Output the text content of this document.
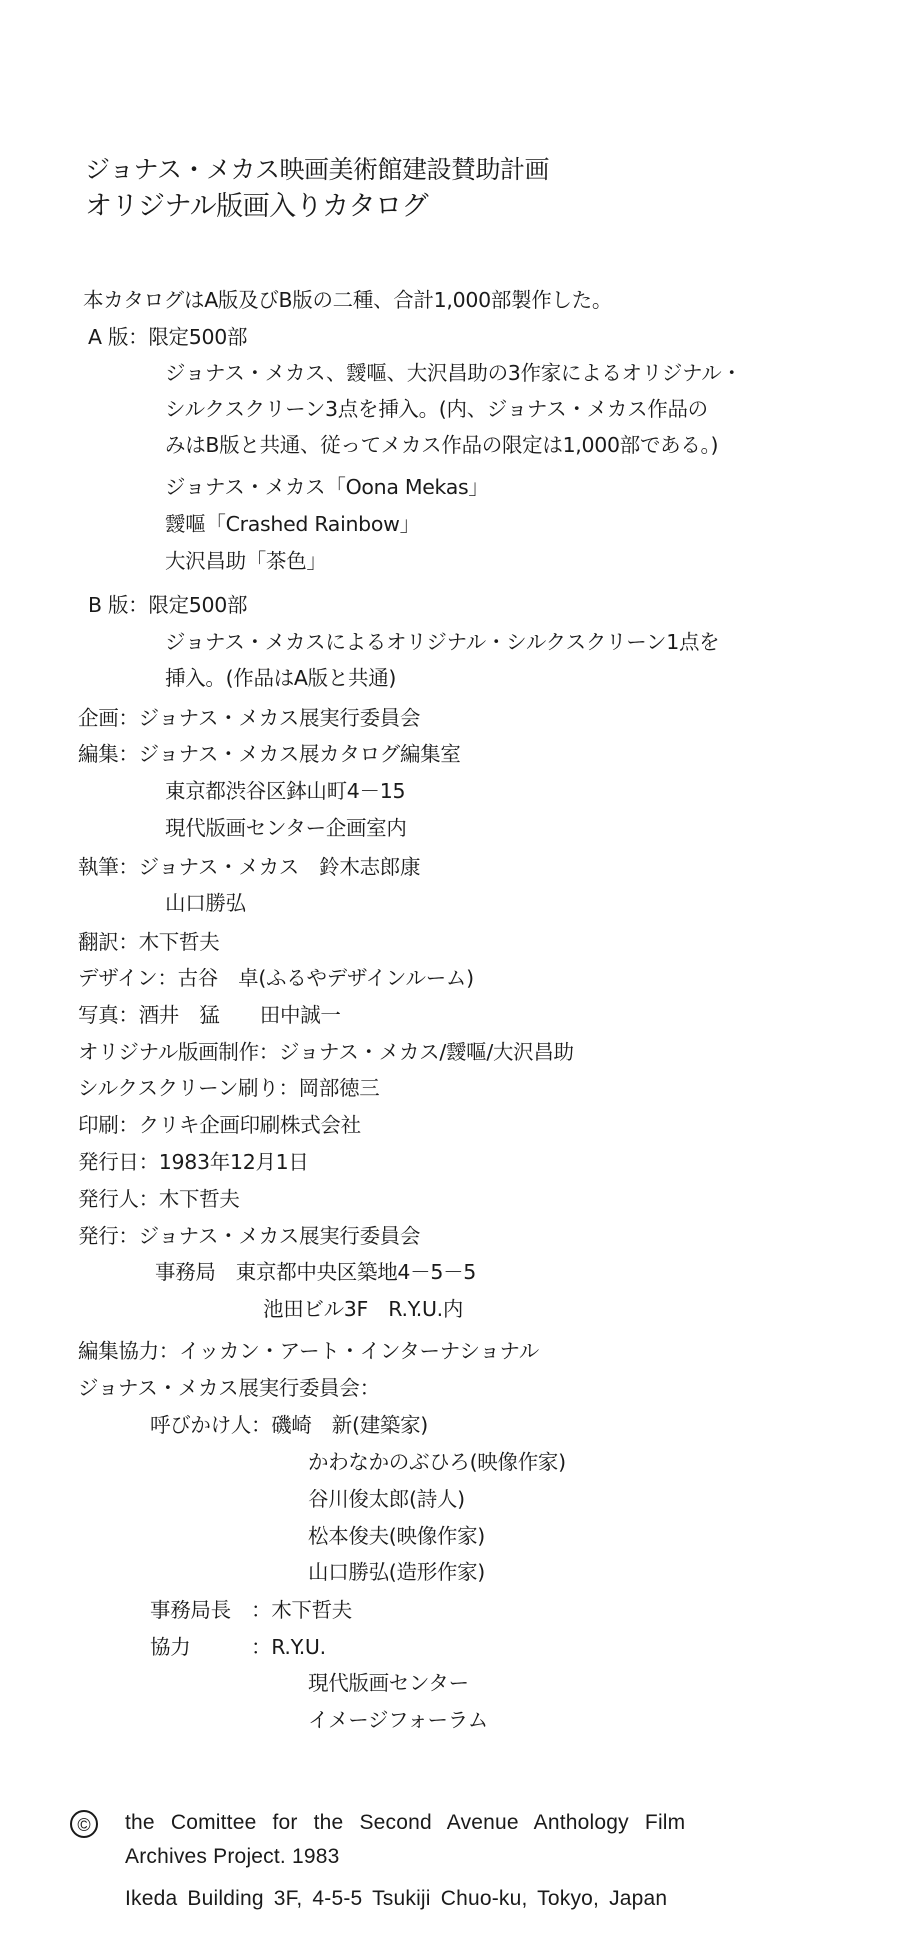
ジョナス・メカス映画美術館建設賛助計画
オリジナル版画入りカタログ
本カタログはA版及びB版の二種、合計1,000部製作した。
A 版：限定500部
ジョナス・メカス、靉嘔、大沢昌助の3作家によるオリジナル・
シルクスクリーン3点を挿入。(内、ジョナス・メカス作品の
みはB版と共通、従ってメカス作品の限定は1,000部である。)
ジョナス・メカス「Oona Mekas」
靉嘔「Crashed Rainbow」
大沢昌助「茶色」
B 版：限定500部
ジョナス・メカスによるオリジナル・シルクスクリーン1点を
挿入。(作品はA版と共通)
企画：ジョナス・メカス展実行委員会
編集：ジョナス・メカス展カタログ編集室
東京都渋谷区鉢山町4－15
現代版画センター企画室内
執筆：ジョナス・メカス　鈴木志郎康
山口勝弘
翻訳：木下哲夫
デザイン：古谷　卓(ふるやデザインルーム)
写真：酒井　猛　　田中誠一
オリジナル版画制作：ジョナス・メカス/靉嘔/大沢昌助
シルクスクリーン刷り：岡部徳三
印刷：クリキ企画印刷株式会社
発行日：1983年12月1日
発行人：木下哲夫
発行：ジョナス・メカス展実行委員会
事務局　東京都中央区築地4－5－5
池田ビル3F　R.Y.U.内
編集協力：イッカン・アート・インターナショナル
ジョナス・メカス展実行委員会：
呼びかけ人：磯崎　新(建築家)
かわなかのぶひろ(映像作家)
谷川俊太郎(詩人)
松本俊夫(映像作家)
山口勝弘(造形作家)
事務局長　：木下哲夫
協力　　　：R.Y.U.
現代版画センター
イメージフォーラム
©	the Comittee for the Second Avenue Anthology Film
Archives Project. 1983
Ikeda Building 3F, 4-5-5 Tsukiji Chuo-ku, Tokyo, Japan
